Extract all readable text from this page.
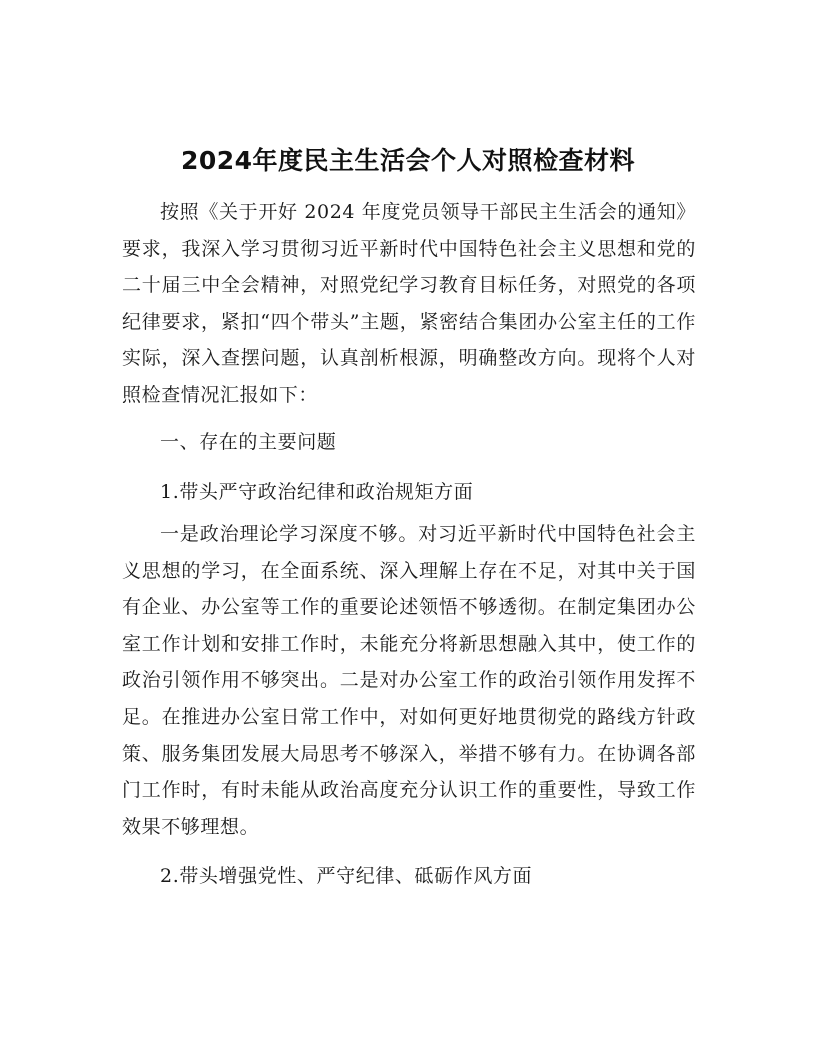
2024年度民主生活会个人对照检查材料

按照《关于开好 2024 年度党员领导干部民主生活会的通知》要求，我深入学习贯彻习近平新时代中国特色社会主义思想和党的二十届三中全会精神，对照党纪学习教育目标任务，对照党的各项纪律要求，紧扣“四个带头”主题，紧密结合集团办公室主任的工作实际，深入查摆问题，认真剖析根源，明确整改方向。现将个人对照检查情况汇报如下：

一、存在的主要问题

1.带头严守政治纪律和政治规矩方面

一是政治理论学习深度不够。对习近平新时代中国特色社会主义思想的学习，在全面系统、深入理解上存在不足，对其中关于国有企业、办公室等工作的重要论述领悟不够透彻。在制定集团办公室工作计划和安排工作时，未能充分将新思想融入其中，使工作的政治引领作用不够突出。二是对办公室工作的政治引领作用发挥不足。在推进办公室日常工作中，对如何更好地贯彻党的路线方针政策、服务集团发展大局思考不够深入，举措不够有力。在协调各部门工作时，有时未能从政治高度充分认识工作的重要性，导致工作效果不够理想。

2.带头增强党性、严守纪律、砥砺作风方面
